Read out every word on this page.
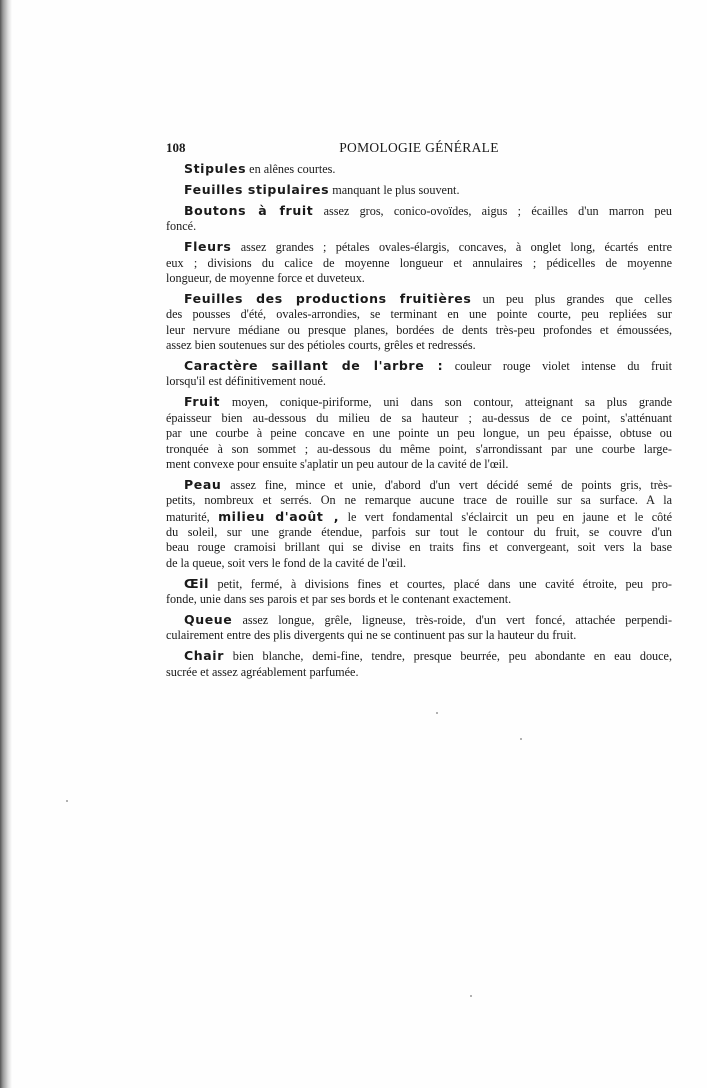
108	POMOLOGIE GÉNÉRALE
Stipules en alênes courtes.
Feuilles stipulaires manquant le plus souvent.
Boutons à fruit assez gros, conico-ovoïdes, aigus ; écailles d'un marron peu
foncé.
Fleurs assez grandes ; pétales ovales-élargis, concaves, à onglet long, écartés entre
eux ; divisions du calice de moyenne longueur et annulaires ; pédicelles de moyenne
longueur, de moyenne force et duveteux.
Feuilles des productions fruitières un peu plus grandes que celles
des pousses d'été, ovales-arrondies, se terminant en une pointe courte, peu repliées sur
leur nervure médiane ou presque planes, bordées de dents très-peu profondes et émoussées,
assez bien soutenues sur des pétioles courts, grêles et redressés.
Caractère saillant de l'arbre : couleur rouge violet intense du fruit
lorsqu'il est définitivement noué.
Fruit moyen, conique-piriforme, uni dans son contour, atteignant sa plus grande
épaisseur bien au-dessous du milieu de sa hauteur ; au-dessus de ce point, s'atténuant
par une courbe à peine concave en une pointe un peu longue, un peu épaisse, obtuse ou
tronquée à son sommet ; au-dessous du même point, s'arrondissant par une courbe large-
ment convexe pour ensuite s'aplatir un peu autour de la cavité de l'œil.
Peau assez fine, mince et unie, d'abord d'un vert décidé semé de points gris, très-
petits, nombreux et serrés. On ne remarque aucune trace de rouille sur sa surface. A la
maturité, milieu d'août , le vert fondamental s'éclaircit un peu en jaune et le côté
du soleil, sur une grande étendue, parfois sur tout le contour du fruit, se couvre d'un
beau rouge cramoisi brillant qui se divise en traits fins et convergeant, soit vers la base
de la queue, soit vers le fond de la cavité de l'œil.
Œil petit, fermé, à divisions fines et courtes, placé dans une cavité étroite, peu pro-
fonde, unie dans ses parois et par ses bords et le contenant exactement.
Queue assez longue, grêle, ligneuse, très-roide, d'un vert foncé, attachée perpendi-
culairement entre des plis divergents qui ne se continuent pas sur la hauteur du fruit.
Chair bien blanche, demi-fine, tendre, presque beurrée, peu abondante en eau douce,
sucrée et assez agréablement parfumée.
